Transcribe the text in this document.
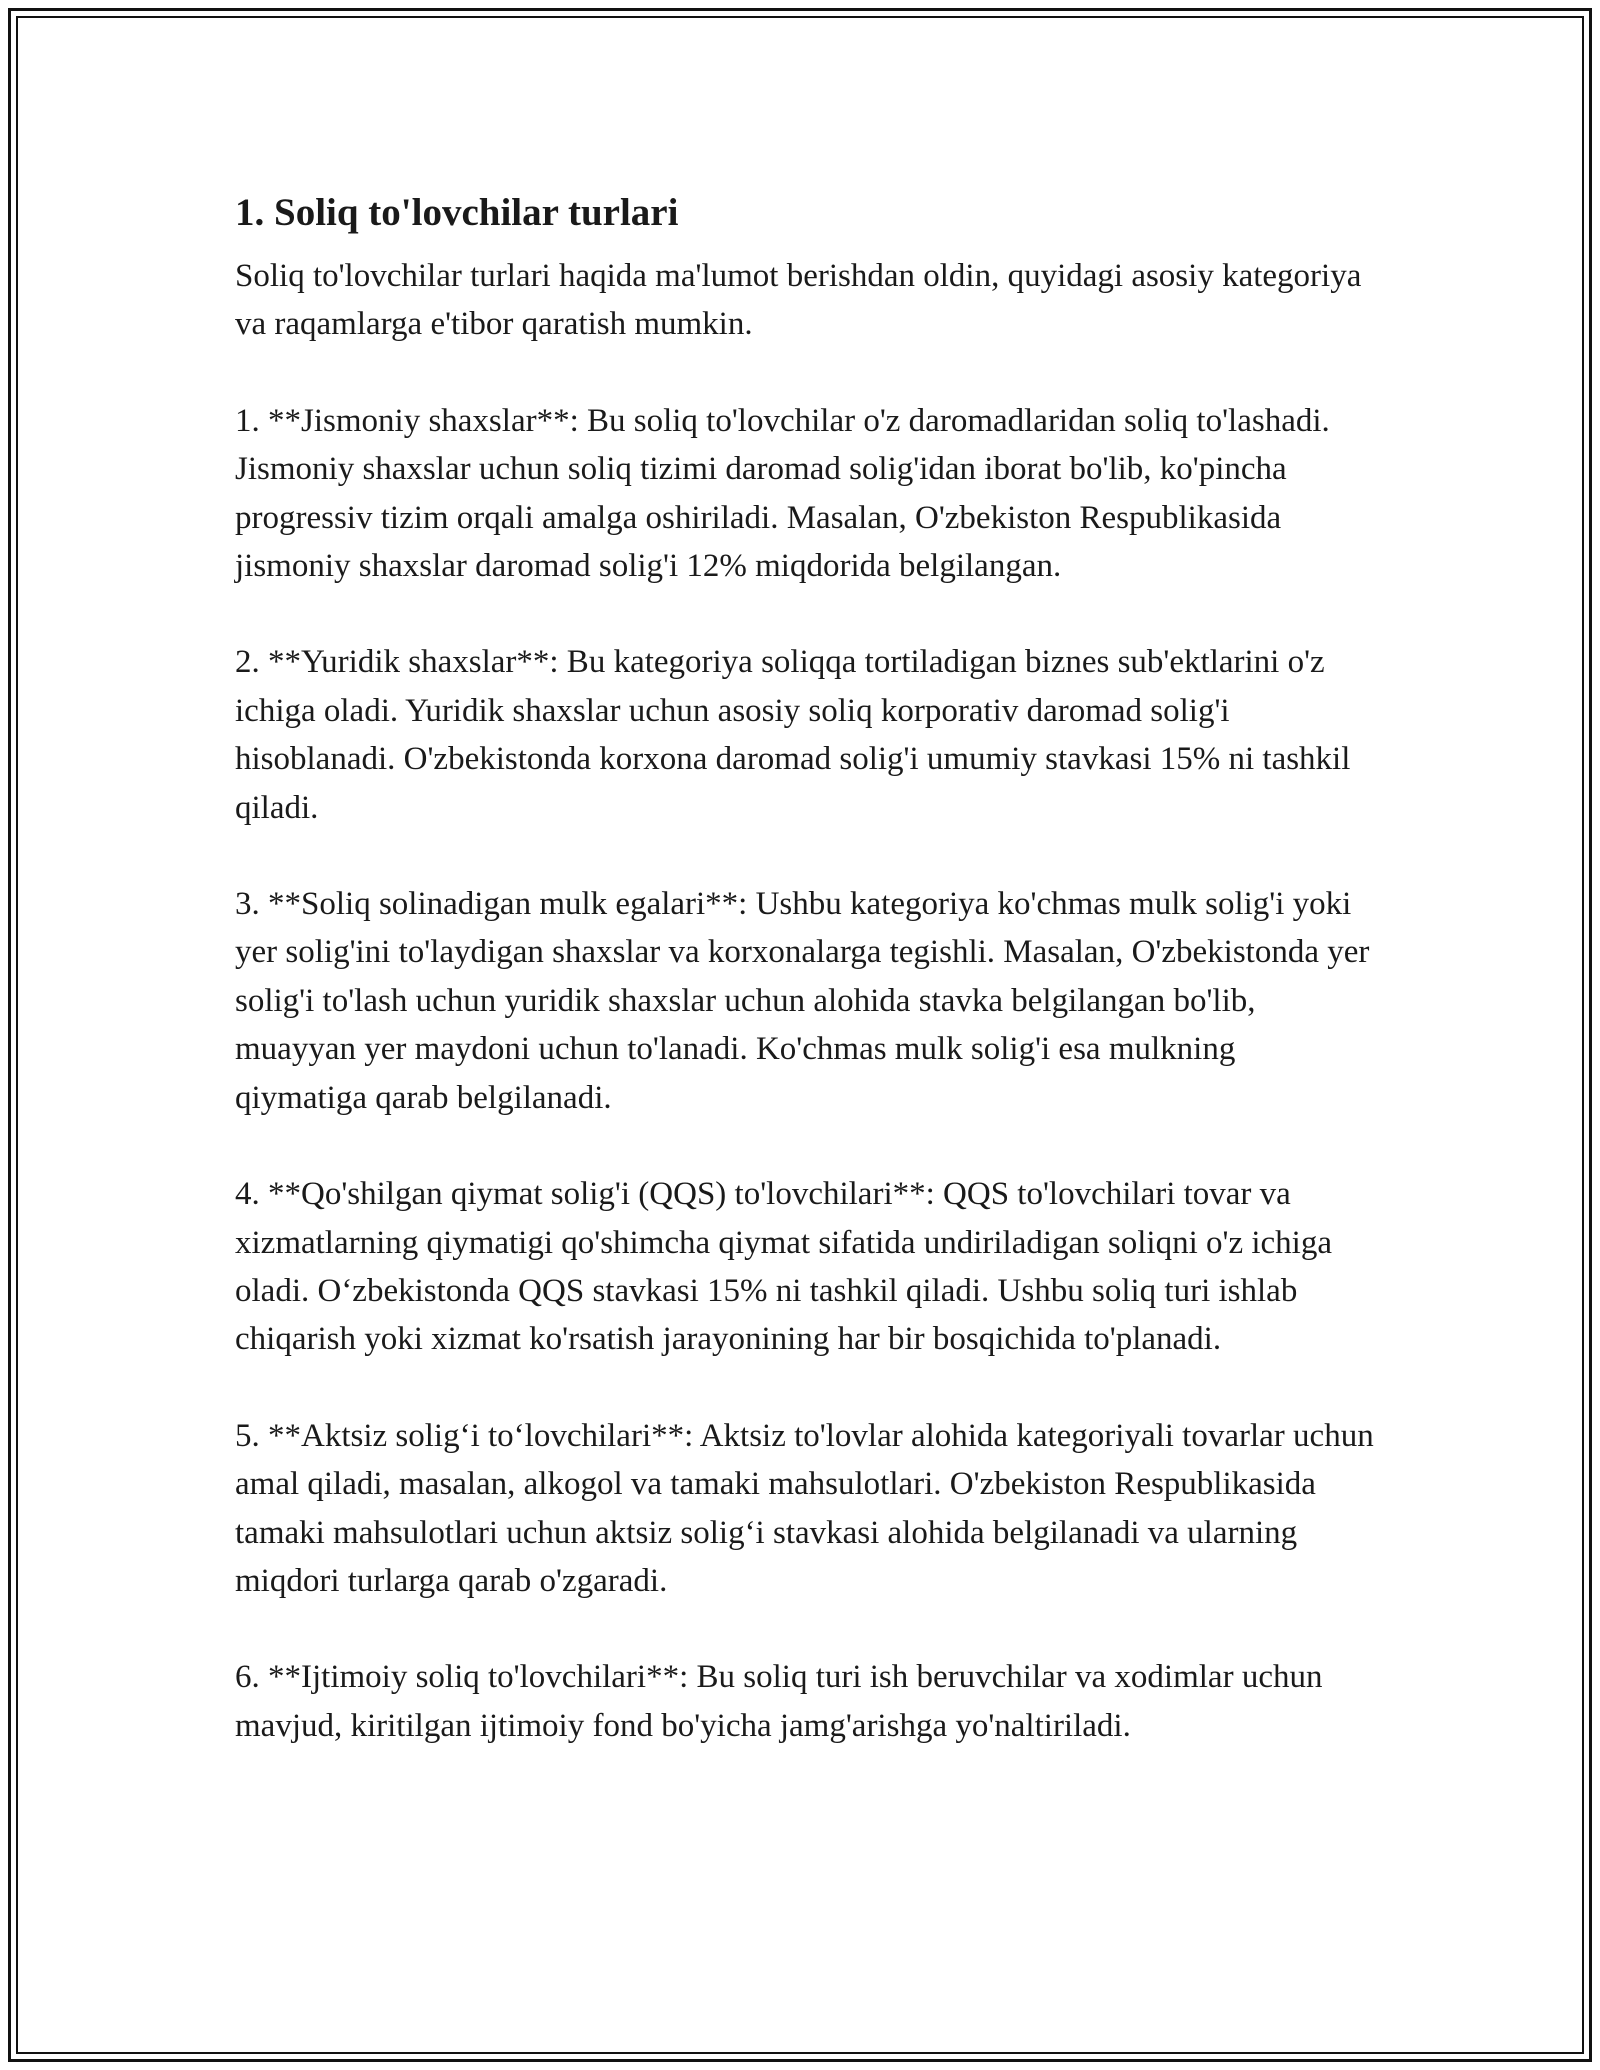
1. Soliq to'lovchilar turlari

Soliq to'lovchilar turlari haqida ma'lumot berishdan oldin, quyidagi asosiy kategoriya va raqamlarga e'tibor qaratish mumkin.

1. **Jismoniy shaxslar**: Bu soliq to'lovchilar o'z daromadlaridan soliq to'lashadi. Jismoniy shaxslar uchun soliq tizimi daromad solig'idan iborat bo'lib, ko'pincha progressiv tizim orqali amalga oshiriladi. Masalan, O'zbekiston Respublikasida jismoniy shaxslar daromad solig'i 12% miqdorida belgilangan.

2. **Yuridik shaxslar**: Bu kategoriya soliqqa tortiladigan biznes sub'ektlarini o'z ichiga oladi. Yuridik shaxslar uchun asosiy soliq korporativ daromad solig'i hisoblanadi. O'zbekistonda korxona daromad solig'i umumiy stavkasi 15% ni tashkil qiladi.

3. **Soliq solinadigan mulk egalari**: Ushbu kategoriya ko'chmas mulk solig'i yoki yer solig'ini to'laydigan shaxslar va korxonalarga tegishli. Masalan, O'zbekistonda yer solig'i to'lash uchun yuridik shaxslar uchun alohida stavka belgilangan bo'lib, muayyan yer maydoni uchun to'lanadi. Ko'chmas mulk solig'i esa mulkning qiymatiga qarab belgilanadi.

4. **Qo'shilgan qiymat solig'i (QQS) to'lovchilari**: QQS to'lovchilari tovar va xizmatlarning qiymatigi qo'shimcha qiymat sifatida undiriladigan soliqni o'z ichiga oladi. O‘zbekistonda QQS stavkasi 15% ni tashkil qiladi. Ushbu soliq turi ishlab chiqarish yoki xizmat ko'rsatish jarayonining har bir bosqichida to'planadi.

5. **Aktsiz solig‘i to‘lovchilari**: Aktsiz to'lovlar alohida kategoriyali tovarlar uchun amal qiladi, masalan, alkogol va tamaki mahsulotlari. O'zbekiston Respublikasida tamaki mahsulotlari uchun aktsiz solig‘i stavkasi alohida belgilanadi va ularning miqdori turlarga qarab o'zgaradi.

6. **Ijtimoiy soliq to'lovchilari**: Bu soliq turi ish beruvchilar va xodimlar uchun mavjud, kiritilgan ijtimoiy fond bo'yicha jamg'arishga yo'naltiriladi.
